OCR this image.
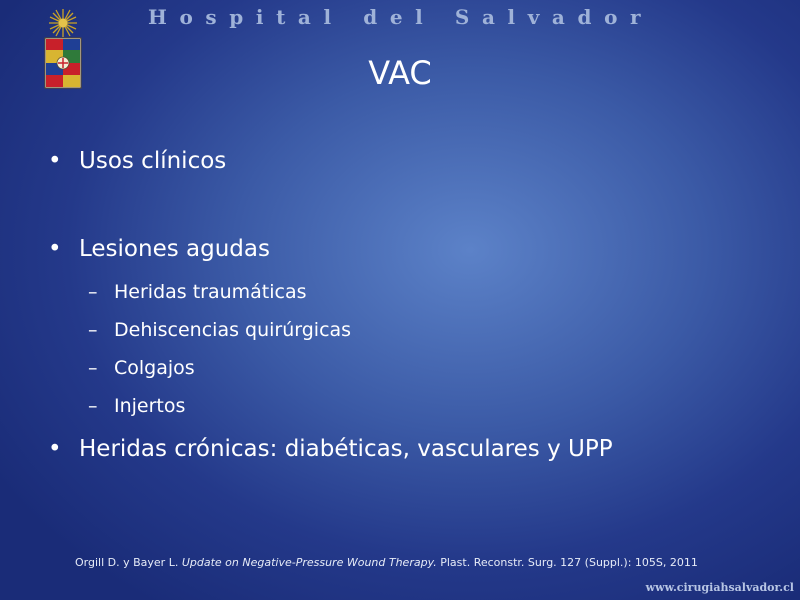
Hospital del Salvador
VAC
• Usos clínicos
• Lesiones agudas
– Heridas traumáticas
– Dehiscencias quirúrgicas
– Colgajos
– Injertos
• Heridas crónicas: diabéticas, vasculares y UPP
Orgill D. y Bayer L. Update on Negative-Pressure Wound Therapy. Plast. Reconstr. Surg. 127 (Suppl.): 105S, 2011
www.cirugiahsalvador.cl
